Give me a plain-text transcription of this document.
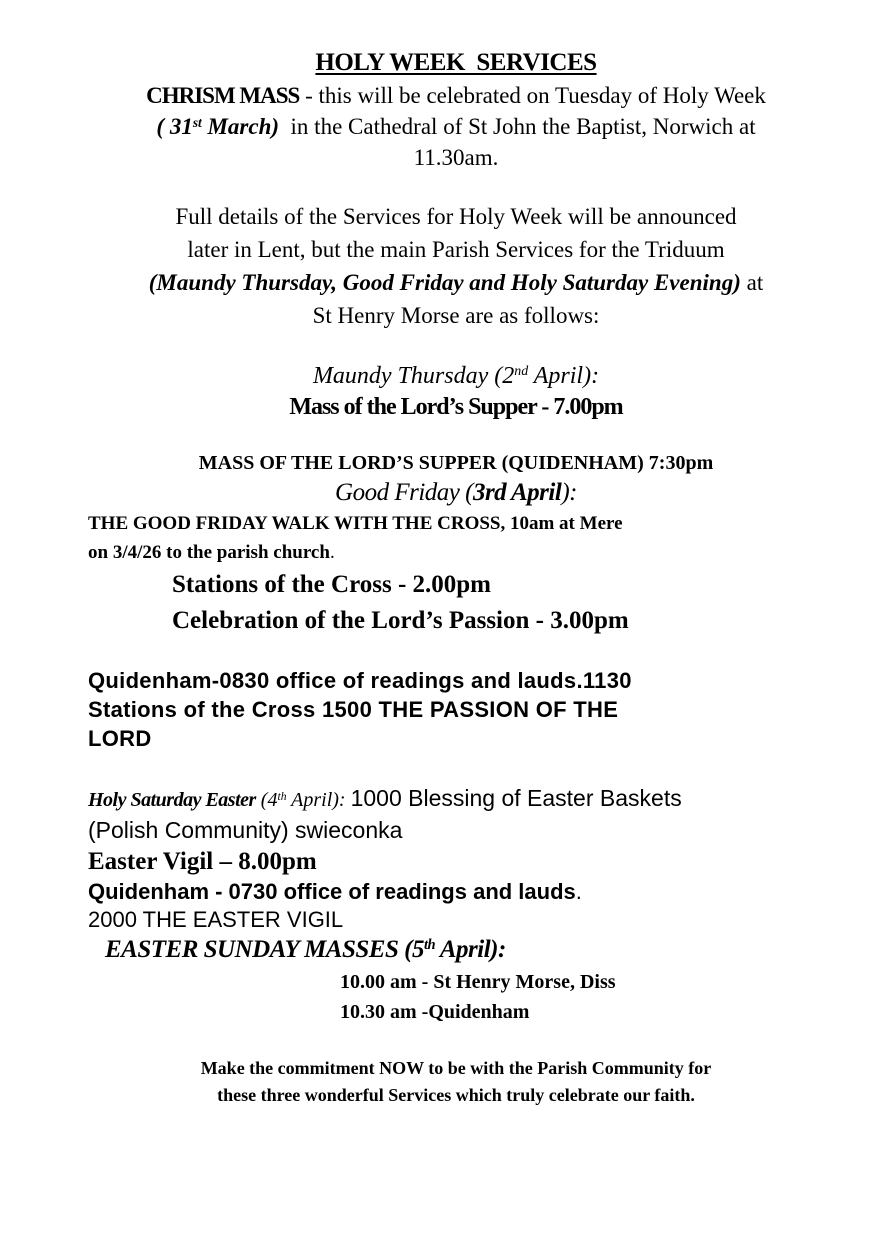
HOLY WEEK  SERVICES
CHRISM MASS - this will be celebrated on Tuesday of Holy Week
( 31st March)  in the Cathedral of St John the Baptist, Norwich at
11.30am.
Full details of the Services for Holy Week will be announced
later in Lent, but the main Parish Services for the Triduum
(Maundy Thursday, Good Friday and Holy Saturday Evening) at
St Henry Morse are as follows:
Maundy Thursday (2nd April):
Mass of the Lord’s Supper - 7.00pm
MASS OF THE LORD’S SUPPER (QUIDENHAM) 7:30pm
Good Friday (3rd April):
THE GOOD FRIDAY WALK WITH THE CROSS, 10am at Mere
on 3/4/26 to the parish church.
Stations of the Cross - 2.00pm
Celebration of the Lord’s Passion - 3.00pm
Quidenham-0830 office of readings and lauds.1130
Stations of the Cross 1500 THE PASSION OF THE
LORD
Holy Saturday Easter (4th April): 1000 Blessing of Easter Baskets
(Polish Community) swieconka
Easter Vigil – 8.00pm
Quidenham - 0730 office of readings and lauds.
2000 THE EASTER VIGIL
EASTER SUNDAY MASSES (5th April):
10.00 am - St Henry Morse, Diss
10.30 am -Quidenham
Make the commitment NOW to be with the Parish Community for
these three wonderful Services which truly celebrate our faith.
